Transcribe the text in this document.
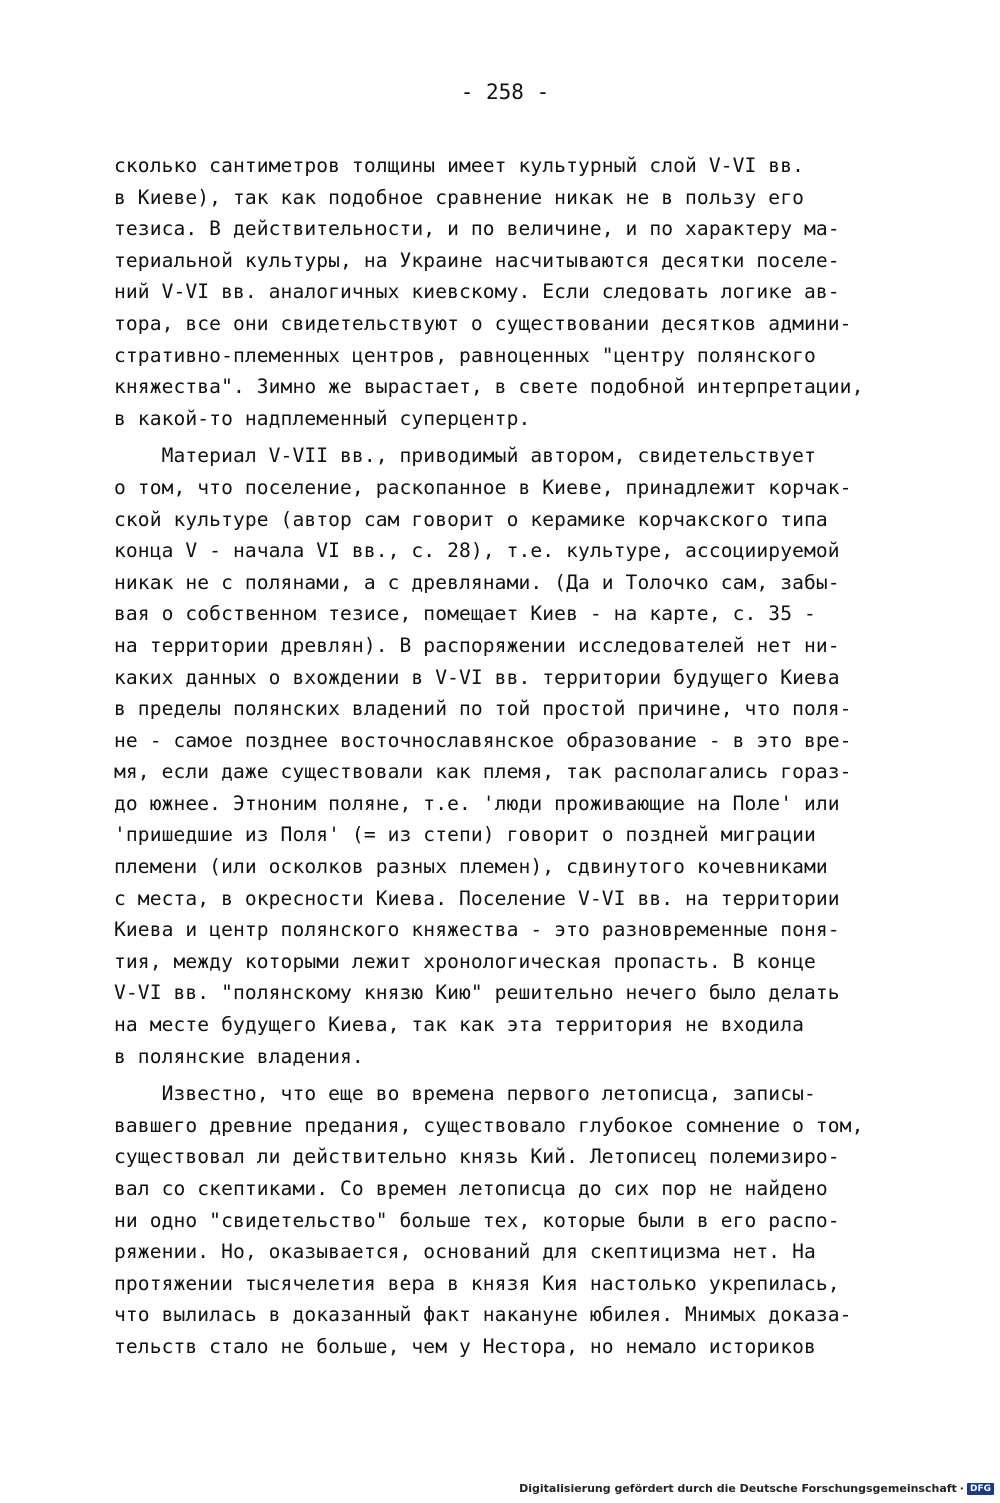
- 258 -
сколько сантиметров толщины имеет культурный слой V-VI вв.
в Киеве), так как подобное сравнение никак не в пользу его
тезиса. В действительности, и по величине, и по характеру ма-
териальной культуры, на Украине насчитываются десятки поселе-
ний V-VI вв. аналогичных киевскому. Если следовать логике ав-
тора, все они свидетельствуют о существовании десятков админи-
стративно-племенных центров, равноценных "центру полянского
княжества". Зимно же вырастает, в свете подобной интерпретации,
в какой-то надплеменный суперцентр.
Материал V-VII вв., приводимый автором, свидетельствует
о том, что поселение, раскопанное в Киеве, принадлежит корчак-
ской культуре (автор сам говорит о керамике корчакского типа
конца V - начала VI вв., с. 28), т.е. культуре, ассоциируемой
никак не с полянами, а с древлянами. (Да и Толочко сам, забы-
вая о собственном тезисе, помещает Киев - на карте, с. 35 -
на территории древлян). В распоряжении исследователей нет ни-
каких данных о вхождении в V-VI вв. территории будущего Киева
в пределы полянских владений по той простой причине, что поля-
не - самое позднее восточнославянское образование - в это вре-
мя, если даже существовали как племя, так располагались горaз-
до южнее. Этноним поляне, т.е. 'люди проживающие на Поле' или
'пришедшие из Поля' (= из степи) говорит о поздней миграции
племени (или осколков разных племен), сдвинутого кочевниками
с места, в окресности Киева. Поселение V-VI вв. на территории
Киева и центр полянского княжества - это разновременные поня-
тия, между которыми лежит хронологическая пропасть. В конце
V-VI вв. "полянскому князю Кию" решительно нечего было делать
на месте будущего Киева, так как эта территория не входила
в полянские владения.
Известно, что еще во времена первого летописца, записы-
вавшего древние предания, существовало глубокое сомнение о том,
существовал ли действительно князь Кий. Летописец полемизиро-
вал со скептиками. Со времен летописца до сих пор не найдено
ни одно "свидетельство" больше тех, которые были в его распо-
ряжении. Но, оказывается, оснований для скептицизма нет. На
протяжении тысячелетия вера в князя Кия настолько укрепилась,
что вылилась в доказанный факт накануне юбилея. Мнимых доказа-
тельств стало не больше, чем у Нестора, но немало историков
Digitalisierung gefördert durch die Deutsche Forschungsgemeinschaft · DFG
